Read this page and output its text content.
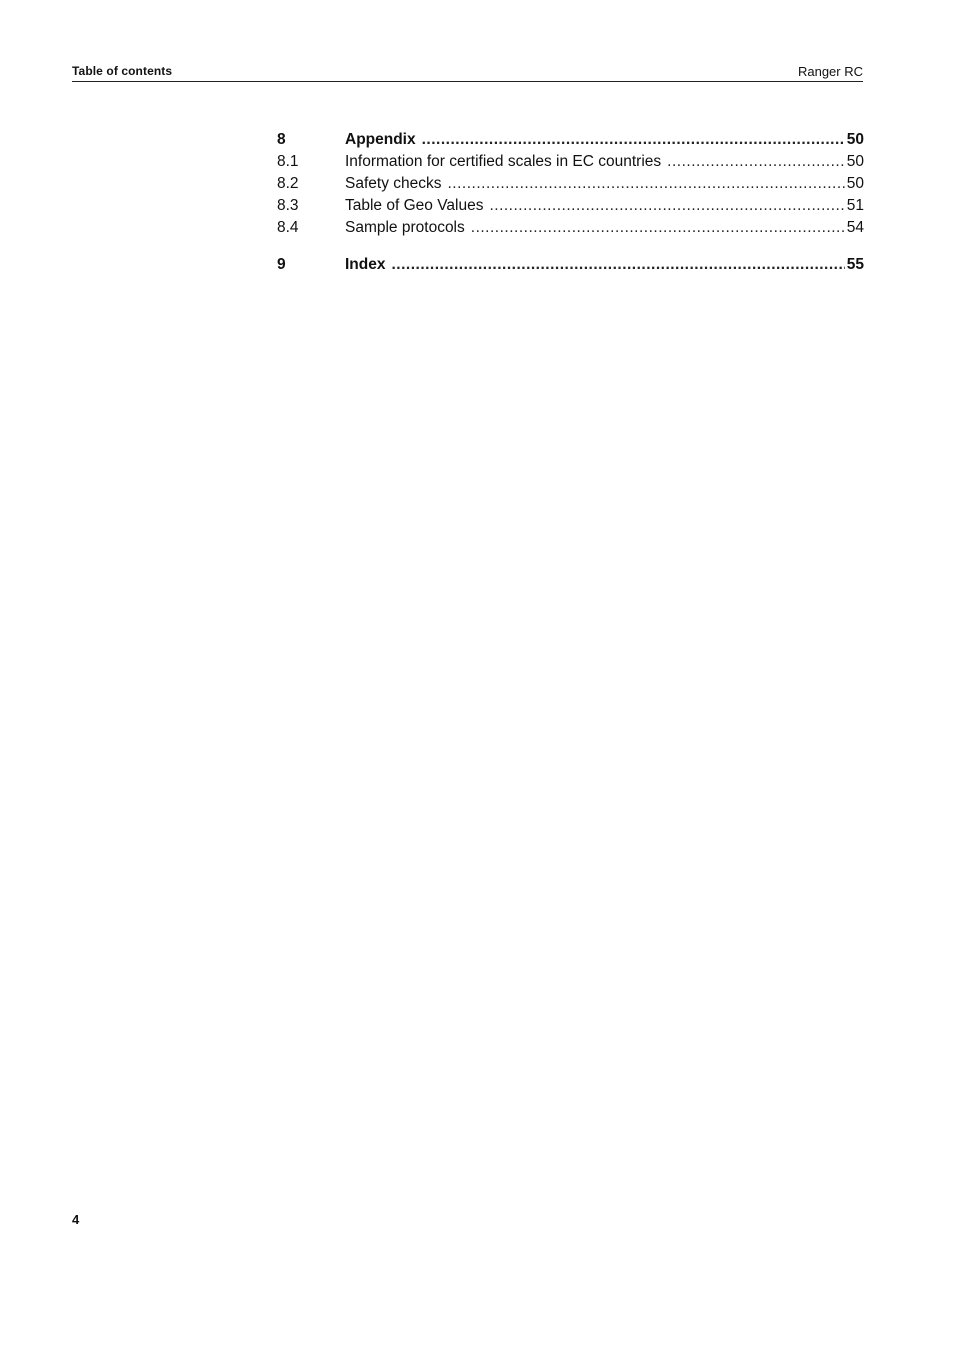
Table of contents	Ranger RC
8	Appendix .....	50
8.1	Information for certified scales in EC countries .....	50
8.2	Safety checks .....	50
8.3	Table of Geo Values .....	51
8.4	Sample protocols .....	54
9	Index .....	55
4
